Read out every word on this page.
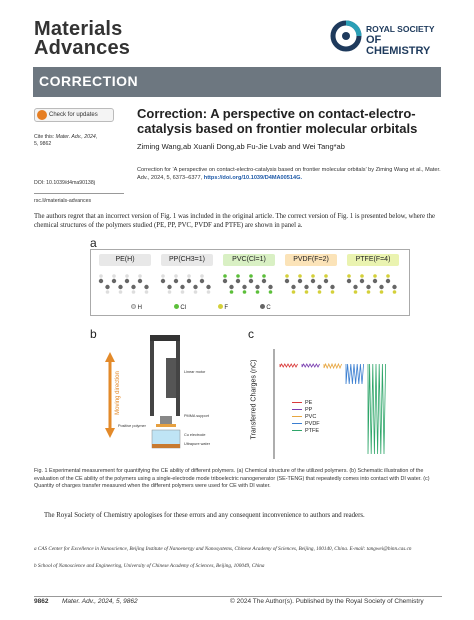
Materials
Advances
ROYAL SOCIETY
OF CHEMISTRY
CORRECTION
Check for updates
Cite this: Mater. Adv., 2024,
5, 9862
DOI: 10.1039/d4ma90138j
rsc.li/materials-advances
Correction: A perspective on contact-electro-catalysis based on frontier molecular orbitals
Ziming Wang,ab Xuanli Dong,ab Fu-Jie Lvab and Wei Tang*ab
Correction for ‘A perspective on contact-electro-catalysis based on frontier molecular orbitals’ by Ziming Wang et al., Mater. Adv., 2024, 5, 6373–6377, https://doi.org/10.1039/D4MA00514G.
The authors regret that an incorrect version of Fig. 1 was included in the original article. The correct version of Fig. 1 is presented below, where the chemical structures of the polymers studied (PE, PP, PVC, PVDF and PTFE) are shown in panel a.
a
PE(H)	PP(CH3=1)	PVC(Cl=1)	PVDF(F=2)	PTFE(F=4)
H	Cl	F	C
b
Moving direction	Linear motor
PMMA support
Positive polymer
Cu electrode
Ultrapure water
c
Transferred Charges (nC)	PE
PP
PVC
PVDF
PTFE
Fig. 1 Experimental measurement for quantifying the CE ability of different polymers. (a) Chemical structure of the utilized polymers. (b) Schematic illustration of the evaluation of the CE ability of the polymers using a single-electrode mode triboelectric nanogenerator (SE-TENG) that repeatedly comes into contact with DI water. (c) Quantity of charges transfer measured when the different polymers were used for CE with DI water.
The Royal Society of Chemistry apologises for these errors and any consequent inconvenience to authors and readers.
a CAS Center for Excellence in Nanoscience, Beijing Institute of Nanoenergy and Nanosystems, Chinese Academy of Sciences, Beijing, 100140, China. E-mail: tangwei@binn.cas.cn
b School of Nanoscience and Engineering, University of Chinese Academy of Sciences, Beijing, 100049, China
9862 Mater. Adv., 2024, 5, 9862	© 2024 The Author(s). Published by the Royal Society of Chemistry
